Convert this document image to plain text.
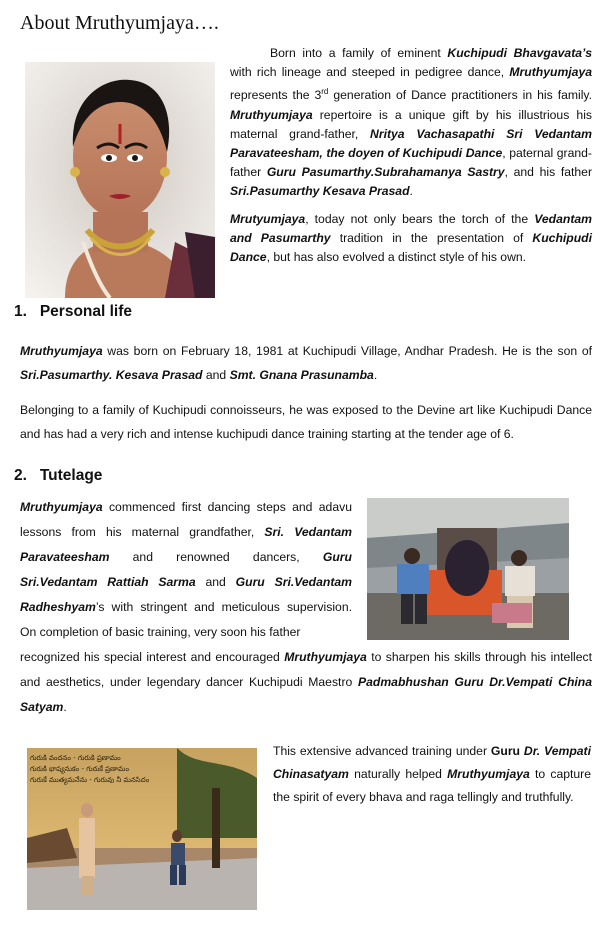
About Mruthyumjaya….

Born into a family of eminent Kuchipudi Bhavgavata’s with rich lineage and steeped in pedigree dance, Mruthyumjaya represents the 3rd generation of Dance practitioners in his family. Mruthyumjaya repertoire is a unique gift by his illustrious his maternal grand-father, Nritya Vachasapathi Sri Vedantam Paravateesham, the doyen of Kuchipudi Dance, paternal grand-father Guru Pasumarthy.Subrahamanya Sastry, and his father Sri.Pasumarthy Kesava Prasad.

Mrutyumjaya, today not only bears the torch of the Vedantam and Pasumarthy tradition in the presentation of Kuchipudi Dance, but has also evolved a distinct style of his own.

1.   Personal life

Mruthyumjaya was born on February 18, 1981 at Kuchipudi Village, Andhar Pradesh. He is the son of Sri.Pasumarthy. Kesava Prasad and Smt. Gnana Prasunamba.

Belonging to a family of Kuchipudi connoisseurs, he was exposed to the Devine art like Kuchipudi Dance and has had a very rich and intense kuchipudi dance training starting at the tender age of 6.

2.   Tutelage

Mruthyumjaya commenced first dancing steps and adavu lessons from his maternal grandfather, Sri. Vedantam Paravateesham and renowned dancers, Guru Sri.Vedantam Rattiah Sarma and Guru Sri.Vedantam Radheshyam’s with stringent and meticulous supervision. On completion of basic training, very soon his father

recognized his special interest and encouraged Mruthyumjaya to sharpen his skills through his intellect and aesthetics, under legendary dancer Kuchipudi Maestro Padmabhushan Guru Dr.Vempati China Satyam.

గురుకి వందనం - గురుకి ప్రణామం
గురుకి భాష్యనుకం - గురుకే ప్రణామం
గురుకే ముత్యమనేను - గురువు నీ మనసిదం

This extensive advanced training under Guru Dr. Vempati Chinasatyam naturally helped Mruthyumjaya to capture the spirit of every bhava and raga tellingly and truthfully.
